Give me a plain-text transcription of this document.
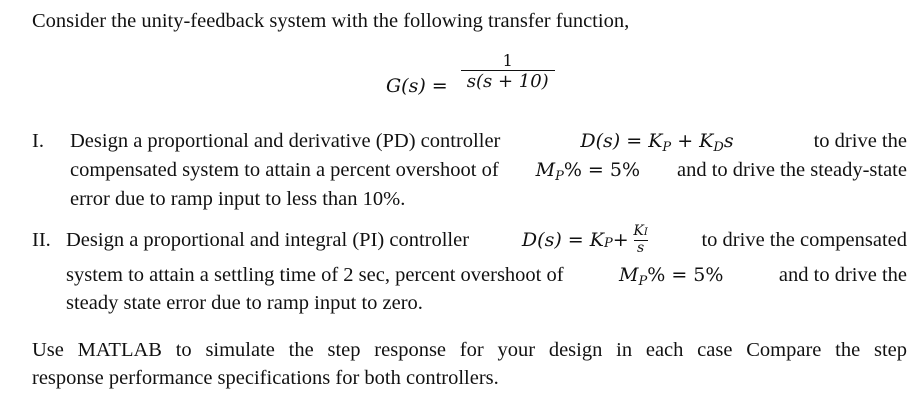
Consider the unity-feedback system with the following transfer function,
$G(s) = \frac{1}{s(s + 10)}$
I. Design a proportional and derivative (PD) controller	$D(s) = K_P + K_Ds$	to drive the
compensated system to attain a percent overshoot of $M_P\% = 5\%$ and to drive the steady-state
error due to ramp input to less than 10%.
II. Design a proportional and integral (PI) controller	D(s) = K $P + \frac{KI}{s}$	to drive the compensated
system to attain a settling time of 2 sec, percent overshoot of	$M_P\% = 5\%$	and to drive the
steady state error due to ramp input to zero.
Use MATLAB to simulate the step response for your design in each case Compare the step
response performance specifications for both controllers.
